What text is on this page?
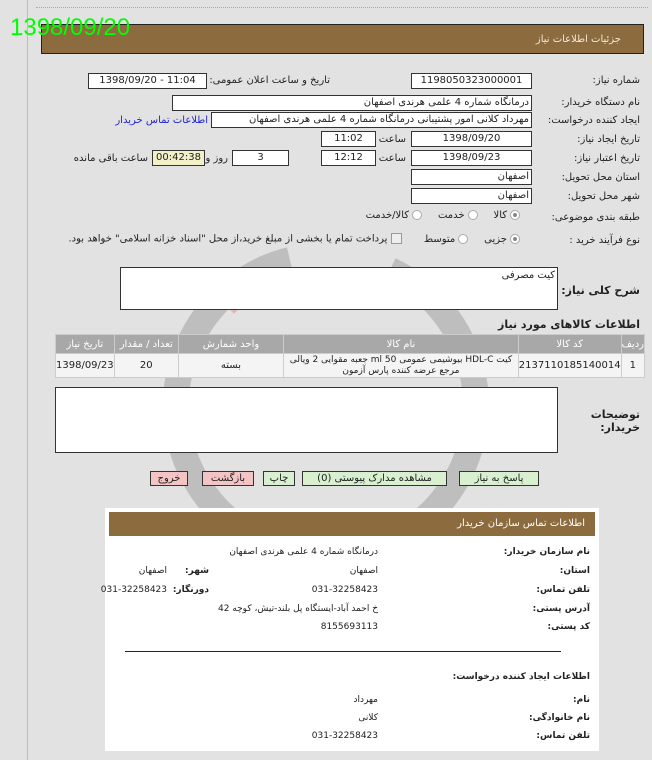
جزئیات اطلاعات نیاز
1398/09/20
شماره نیاز:
1198050323000001
تاریخ و ساعت اعلان عمومی:
1398/09/20 - 11:04
نام دستگاه خریدار:
درمانگاه شماره 4 علمی هرندی اصفهان
ایجاد کننده درخواست:
مهرداد کلانی امور پشتیبانی درمانگاه شماره 4 علمی هرندی اصفهان
اطلاعات تماس خریدار
تاریخ ایجاد نیاز:
1398/09/20
ساعت
11:02
تاریخ اعتبار نیاز:
1398/09/23
ساعت
12:12
3
روز و
00:42:38
ساعت باقی مانده
استان محل تحویل:
اصفهان
شهر محل تحویل:
اصفهان
طبقه بندی موضوعی:
کالا     خدمت     کالا/خدمت
نوع فرآیند خرید :
جزیی     متوسط        پرداخت تمام یا بخشی از مبلغ خرید،از محل "اسناد خزانه اسلامی" خواهد بود.
شرح کلی نیاز:
کیت مصرفی
اطلاعات کالاهای مورد نیاز
ردیف	کد کالا	نام کالا	واحد شمارش	تعداد / مقدار	تاریخ نیاز
1	2137110185140014	کیت HDL-C بیوشیمی عمومی 50 ml جعبه مقوایی 2 ویالی مرجع عرضه کننده پارس آزمون	بسته	20	1398/09/23
توضیحات خریدار:
پاسخ به نیاز
مشاهده مدارک پیوستی (0)
چاپ
بازگشت
خروج
اطلاعات تماس سازمان خریدار
نام سازمان خریدار:
درمانگاه شماره 4 علمی هرندی اصفهان
استان:
اصفهان
شهر:
اصفهان
تلفن تماس:
031-32258423
دورنگار:
031-32258423
آدرس پستی:
خ احمد آباد-ایستگاه پل بلند-تیش، کوچه 42
کد پستی:
8155693113
اطلاعات ایجاد کننده درخواست:
نام:
مهرداد
نام خانوادگی:
کلانی
تلفن تماس:
031-32258423
